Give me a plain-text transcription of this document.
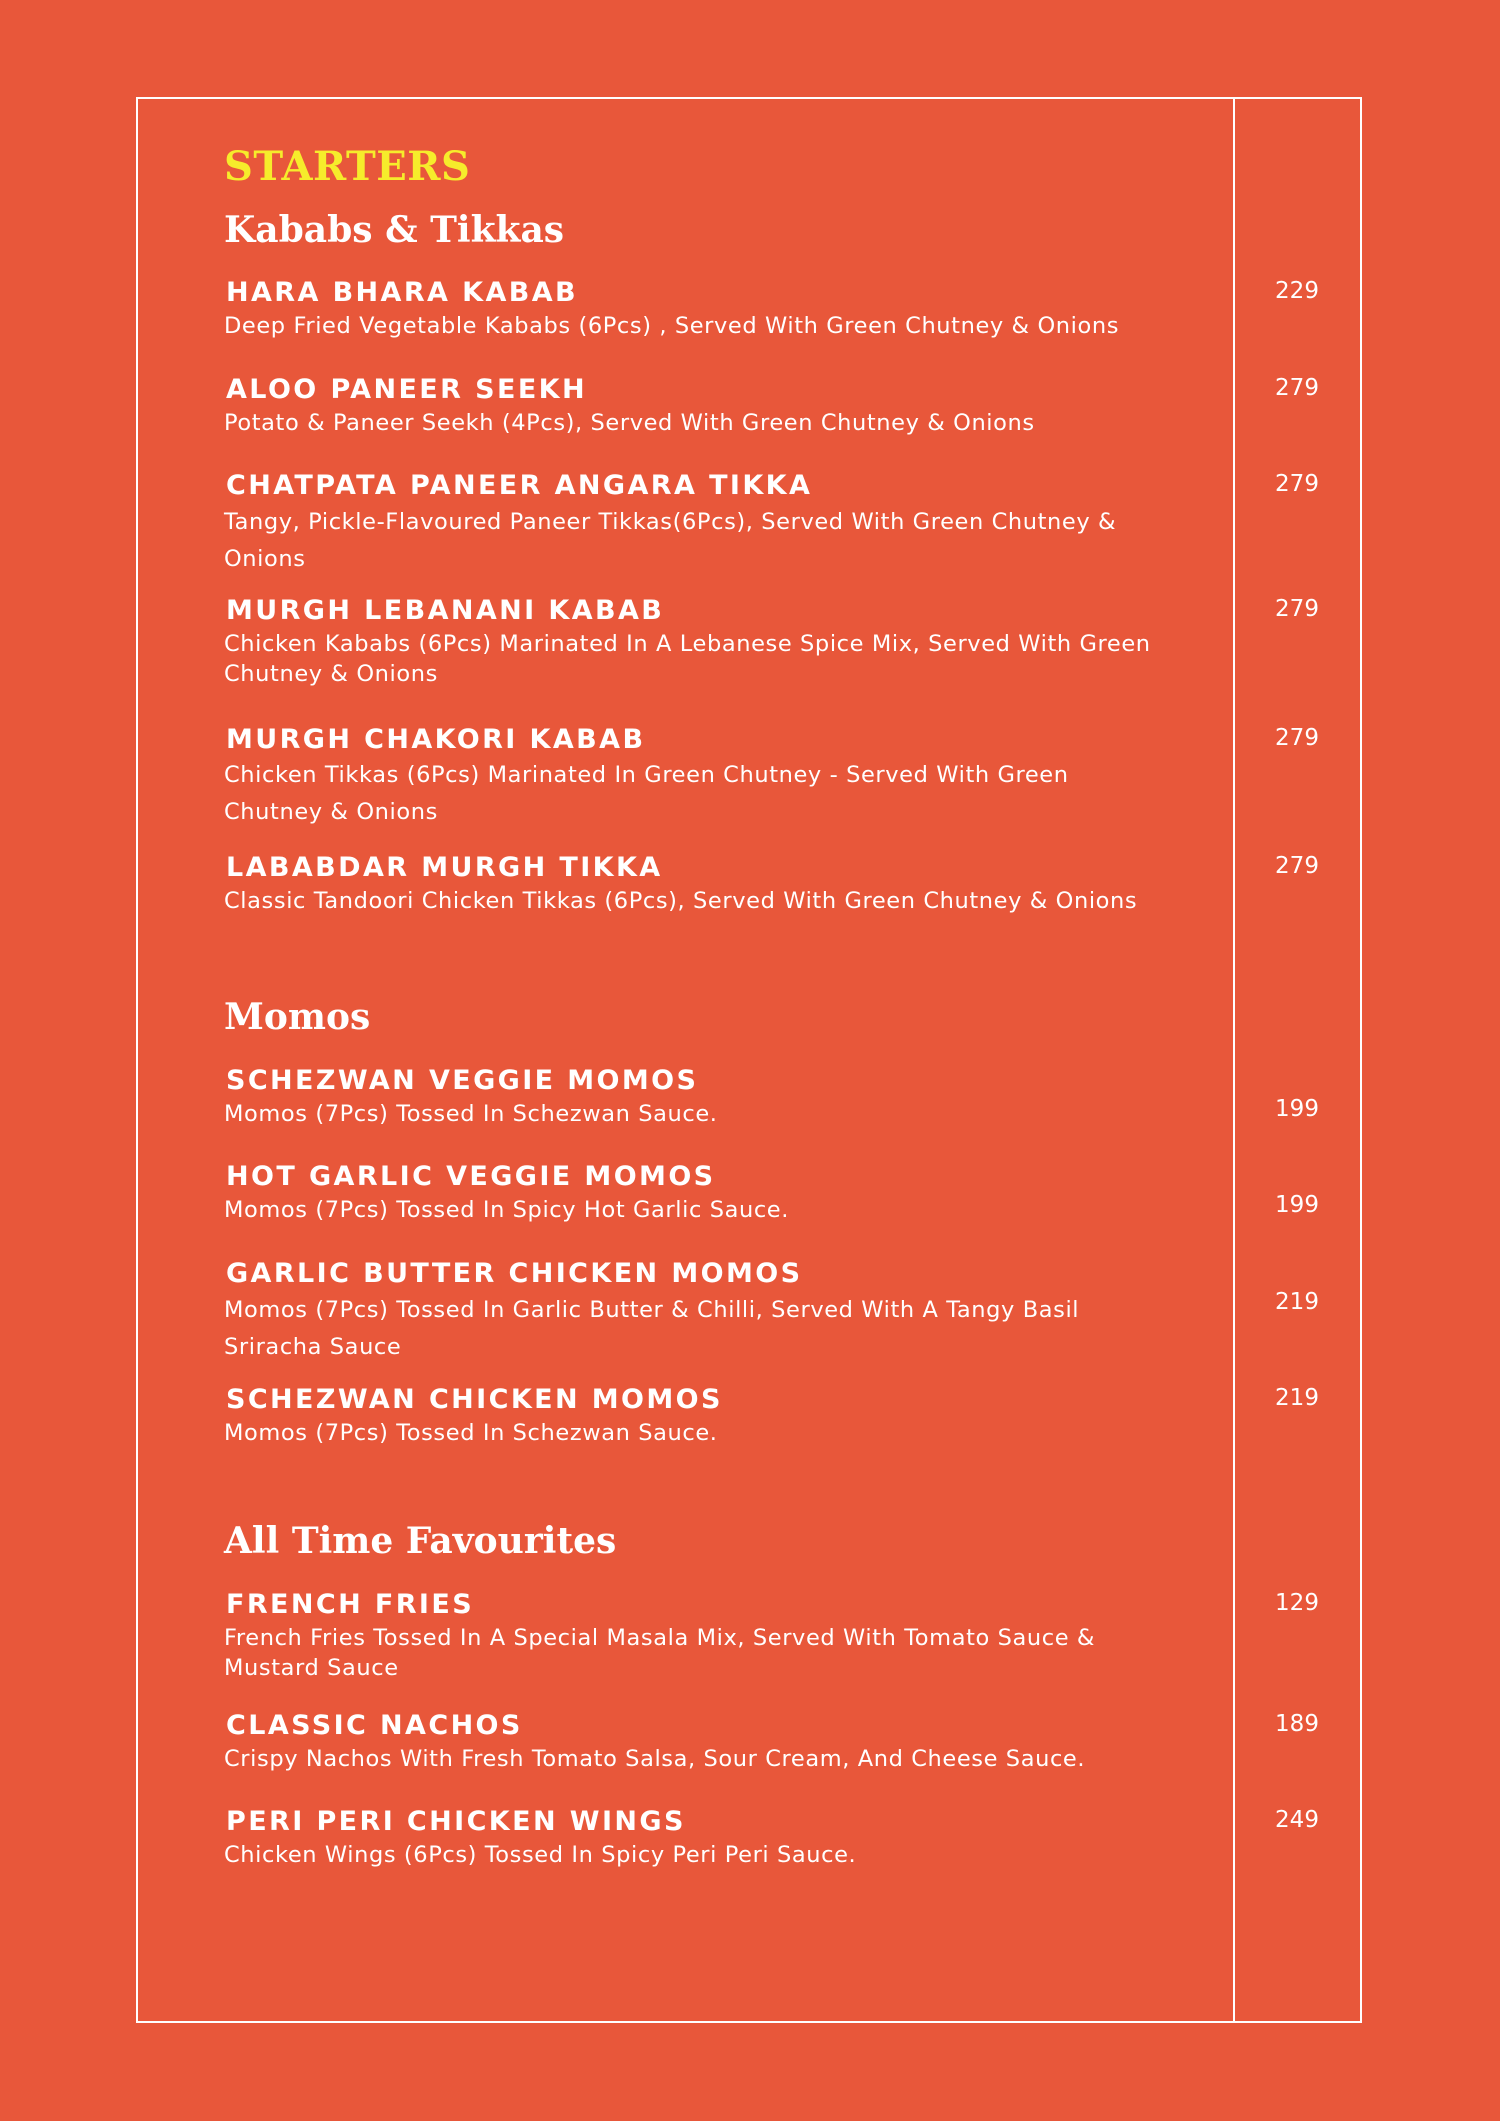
STARTERS
Kababs & Tikkas
HARA BHARA KABAB
Deep Fried Vegetable Kababs (6Pcs) , Served With Green Chutney & Onions
229
ALOO PANEER SEEKH
Potato & Paneer Seekh (4Pcs), Served With Green Chutney & Onions
279
CHATPATA PANEER ANGARA TIKKA
Tangy, Pickle-Flavoured Paneer Tikkas(6Pcs), Served With Green Chutney & Onions
279
MURGH LEBANANI KABAB
Chicken Kababs (6Pcs) Marinated In A Lebanese Spice Mix, Served With Green Chutney & Onions
279
MURGH CHAKORI KABAB
Chicken Tikkas (6Pcs) Marinated In Green Chutney - Served With Green Chutney & Onions
279
LABABDAR MURGH TIKKA
Classic Tandoori Chicken Tikkas (6Pcs), Served With Green Chutney & Onions
279
Momos
SCHEZWAN VEGGIE MOMOS
Momos (7Pcs) Tossed In Schezwan Sauce.	199
HOT GARLIC VEGGIE MOMOS
Momos (7Pcs) Tossed In Spicy Hot Garlic Sauce.	199
GARLIC BUTTER CHICKEN MOMOS
Momos (7Pcs) Tossed In Garlic Butter & Chilli, Served With A Tangy Basil Sriracha Sauce
219
SCHEZWAN CHICKEN MOMOS
Momos (7Pcs) Tossed In Schezwan Sauce.
219
All Time Favourites
FRENCH FRIES
French Fries Tossed In A Special Masala Mix, Served With Tomato Sauce & Mustard Sauce
129
CLASSIC NACHOS
Crispy Nachos With Fresh Tomato Salsa, Sour Cream, And Cheese Sauce.
189
PERI PERI CHICKEN WINGS
Chicken Wings (6Pcs) Tossed In Spicy Peri Peri Sauce.
249
